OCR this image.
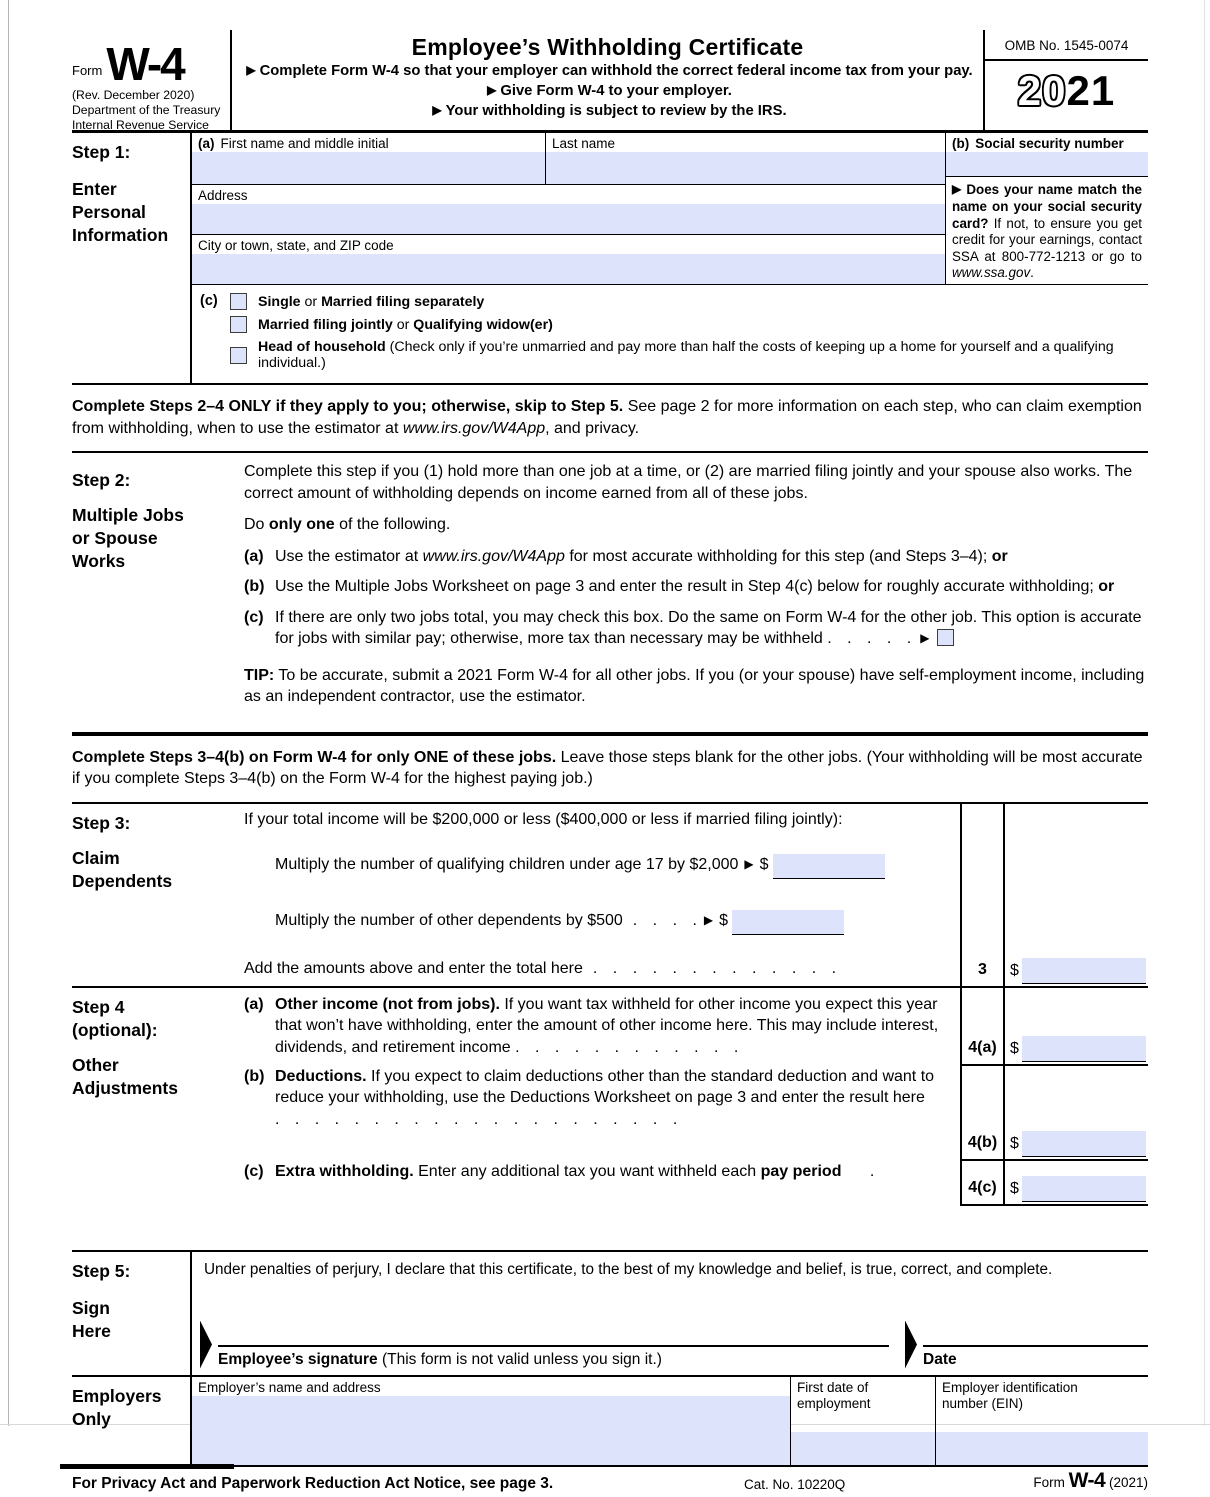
Form W-4
(Rev. December 2020)
Department of the Treasury
Internal Revenue Service
Employee’s Withholding Certificate
▶ Complete Form W-4 so that your employer can withhold the correct federal income tax from your pay.
▶ Give Form W-4 to your employer.
▶ Your withholding is subject to review by the IRS.
OMB No. 1545-0074
2021
Step 1:
Enter
Personal
Information
(a) First name and middle initial	Last name
Address
City or town, state, and ZIP code
(b) Social security number
▶ Does your name match the name on your social security card? If not, to ensure you get credit for your earnings, contact SSA at 800-772-1213 or go to www.ssa.gov.
(c)	Single or Married filing separately
Married filing jointly or Qualifying widow(er)
Head of household (Check only if you’re unmarried and pay more than half the costs of keeping up a home for yourself and a qualifying individual.)
Complete Steps 2–4 ONLY if they apply to you; otherwise, skip to Step 5. See page 2 for more information on each step, who can claim exemption from withholding, when to use the estimator at www.irs.gov/W4App, and privacy.
Step 2:
Multiple Jobs
or Spouse
Works

Complete this step if you (1) hold more than one job at a time, or (2) are married filing jointly and your spouse also works. The correct amount of withholding depends on income earned from all of these jobs.

Do only one of the following.

(a) Use the estimator at www.irs.gov/W4App for most accurate withholding for this step (and Steps 3–4); or
(b) Use the Multiple Jobs Worksheet on page 3 and enter the result in Step 4(c) below for roughly accurate withholding; or
(c) If there are only two jobs total, you may check this box. Do the same on Form W-4 for the other job. This option is accurate for jobs with similar pay; otherwise, more tax than necessary may be withheld . . . . . ▶

TIP: To be accurate, submit a 2021 Form W-4 for all other jobs. If you (or your spouse) have self-employment income, including as an independent contractor, use the estimator.

Complete Steps 3–4(b) on Form W-4 for only ONE of these jobs. Leave those steps blank for the other jobs. (Your withholding will be most accurate if you complete Steps 3–4(b) on the Form W-4 for the highest paying job.)
Step 3:
Claim
Dependents
If your total income will be $200,000 or less ($400,000 or less if married filing jointly):
Multiply the number of qualifying children under age 17 by $2,000 ▶ $
Multiply the number of other dependents by $500 . . . . ▶ $
Add the amounts above and enter the total here . . . . . . . . . . . . .	3 $
Step 4
(optional):
Other
Adjustments
(a) Other income (not from jobs). If you want tax withheld for other income you expect this year that won’t have withholding, enter the amount of other income here. This may include interest, dividends, and retirement income . . . . . . . . . . . .	4(a) $
(b) Deductions. If you expect to claim deductions other than the standard deduction and want to reduce your withholding, use the Deductions Worksheet on page 3 and enter the result here . . . . . . . . . . . . . . . . . . . . .
4(b) $
(c) Extra withholding. Enter any additional tax you want withheld each pay period .
4(c) $
Step 5:
Sign
Here
Under penalties of perjury, I declare that this certificate, to the best of my knowledge and belief, is true, correct, and complete.
Employee’s signature (This form is not valid unless you sign it.)	Date
Employers
Only
Employer’s name and address	First date of
employment
Employer identification
number (EIN)
For Privacy Act and Paperwork Reduction Act Notice, see page 3.	Cat. No. 10220Q	Form W-4 (2021)
